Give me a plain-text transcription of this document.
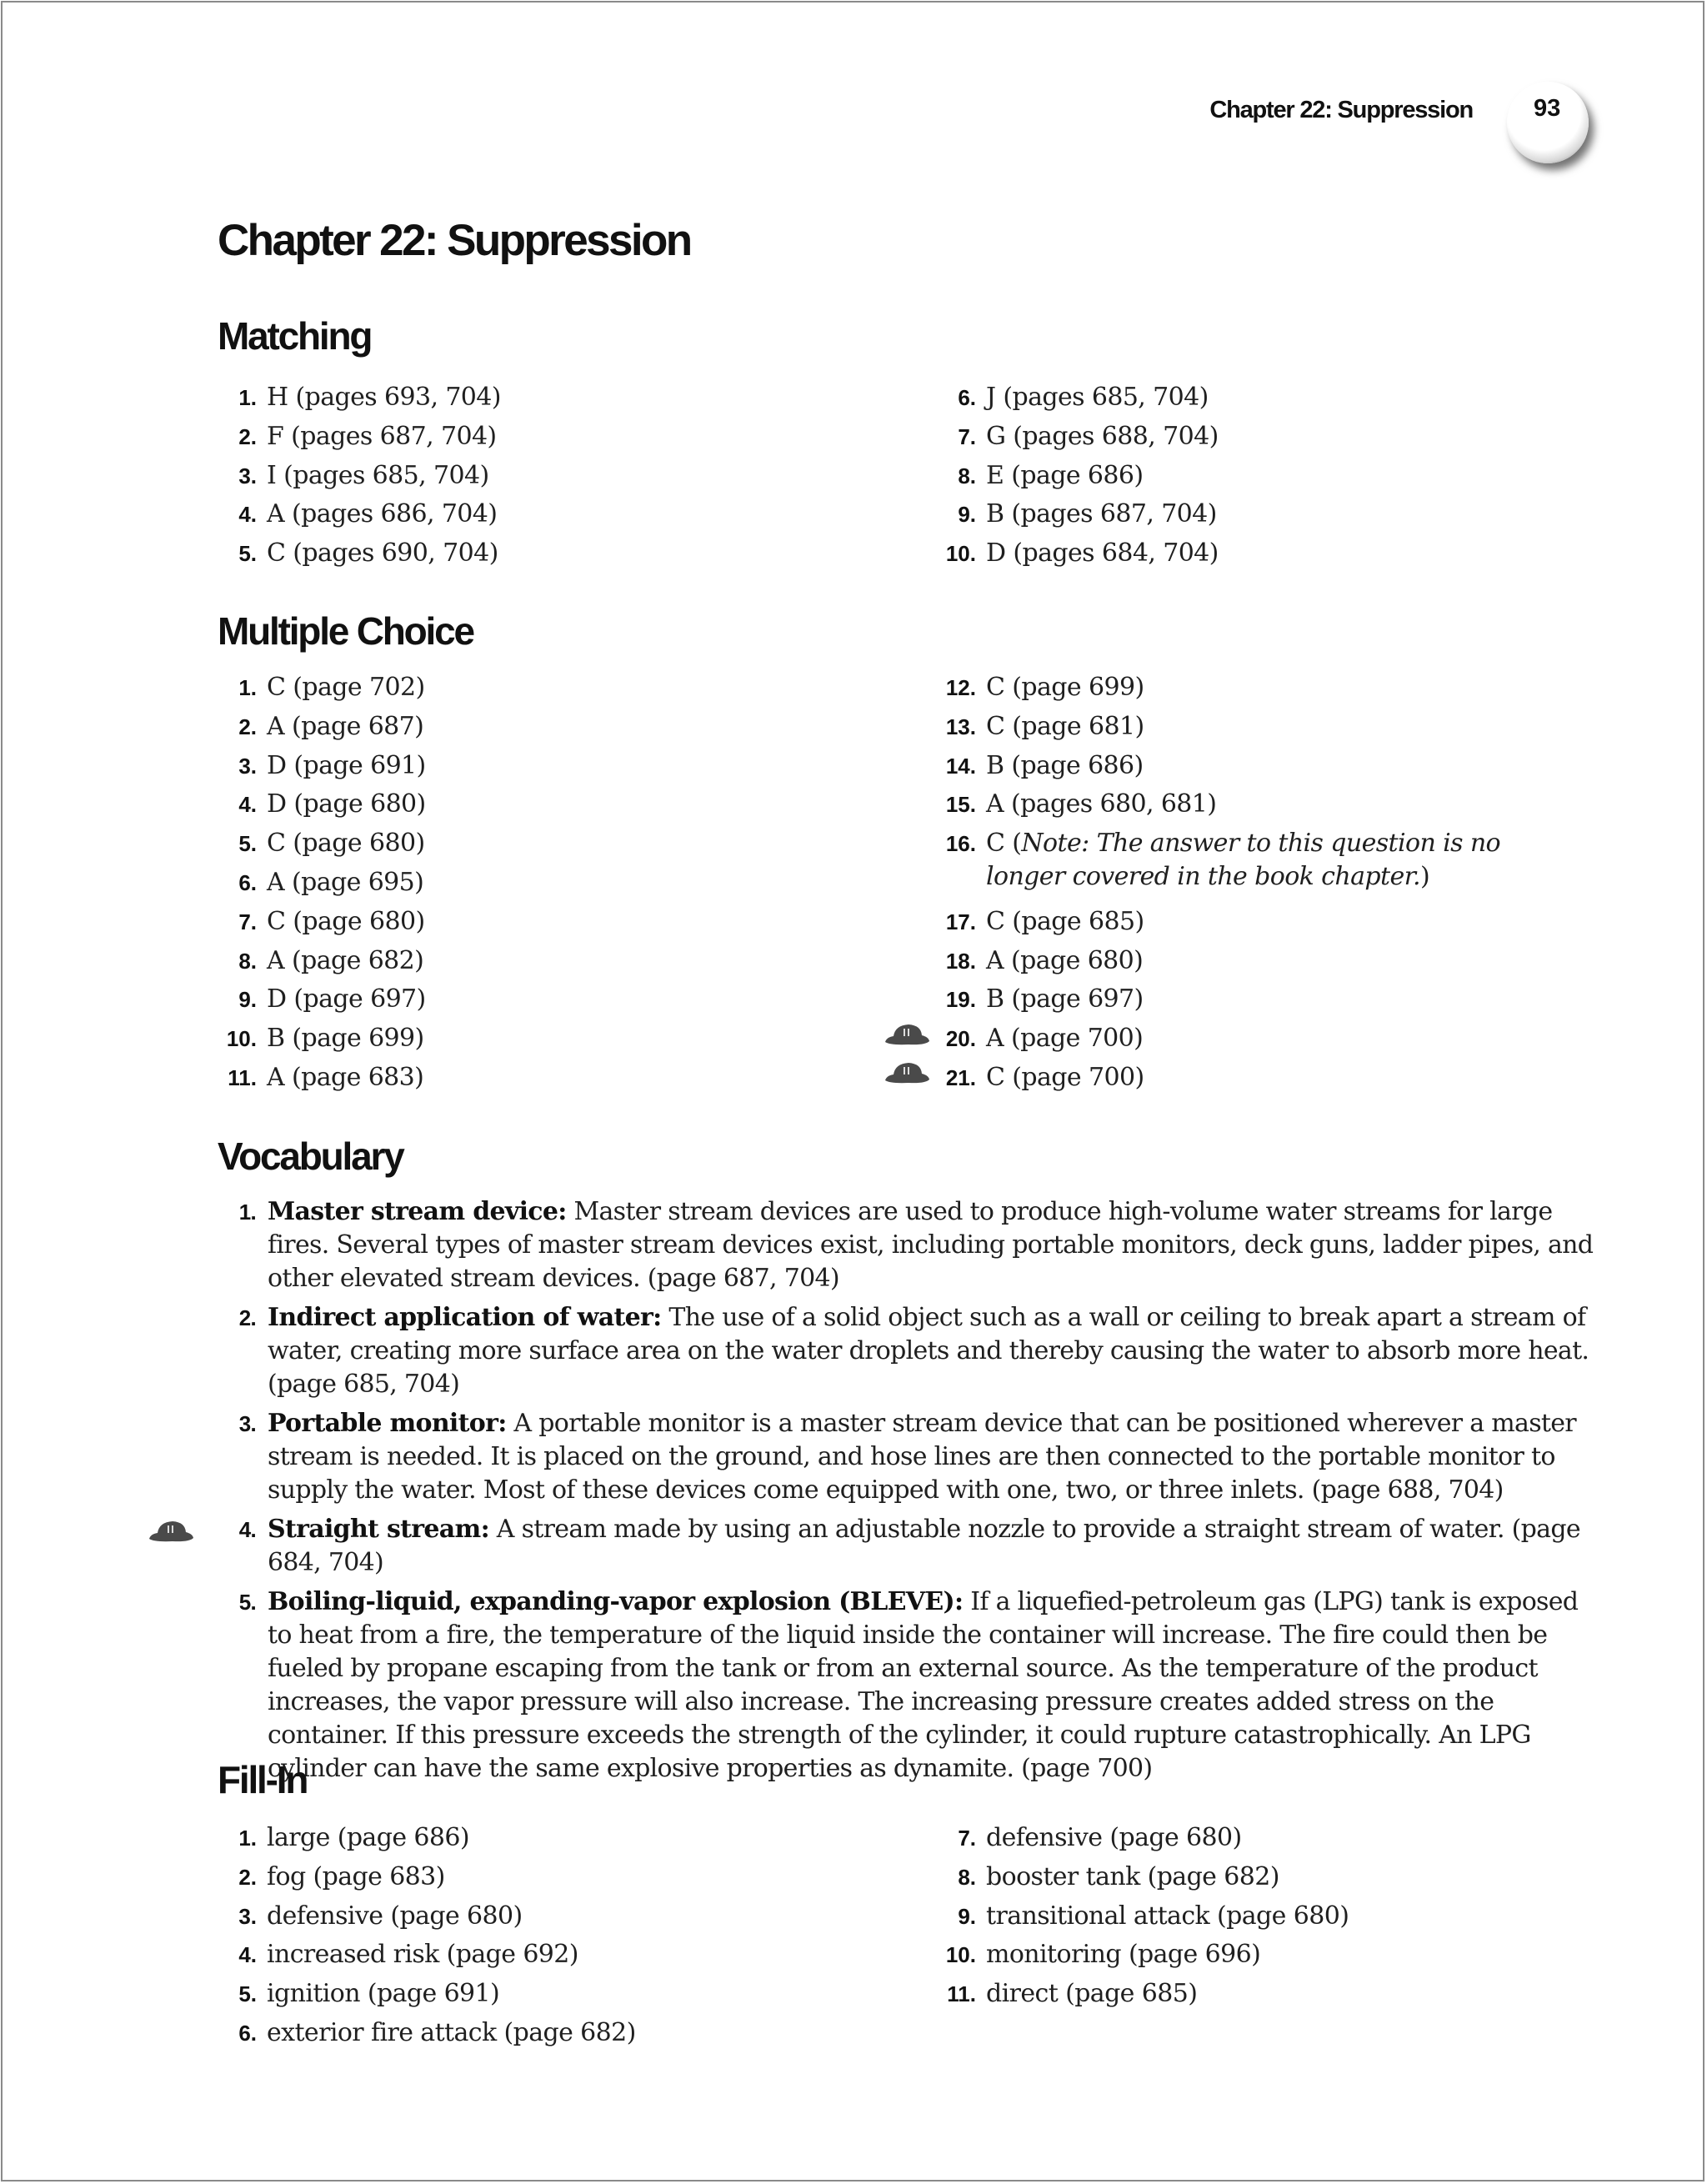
Chapter 22: Suppression	93
Chapter 22: Suppression
Matching
1. H (pages 693, 704)
2. F (pages 687, 704)
3. I (pages 685, 704)
4. A (pages 686, 704)
5. C (pages 690, 704)
6. J (pages 685, 704)
7. G (pages 688, 704)
8. E (page 686)
9. B (pages 687, 704)
10. D (pages 684, 704)
Multiple Choice
1. C (page 702)
2. A (page 687)
3. D (page 691)
4. D (page 680)
5. C (page 680)
6. A (page 695)
7. C (page 680)
8. A (page 682)
9. D (page 697)
10. B (page 699)
11. A (page 683)
12. C (page 699)
13. C (page 681)
14. B (page 686)
15. A (pages 680, 681)
16. C (Note: The answer to this question is no longer covered in the book chapter.)
17. C (page 685)
18. A (page 680)
19. B (page 697)
20. A (page 700)
21. C (page 700)
Vocabulary
1. Master stream device: Master stream devices are used to produce high-volume water streams for large fires. Several types of master stream devices exist, including portable monitors, deck guns, ladder pipes, and other elevated stream devices. (page 687, 704)
2. Indirect application of water: The use of a solid object such as a wall or ceiling to break apart a stream of water, creating more surface area on the water droplets and thereby causing the water to absorb more heat. (page 685, 704)
3. Portable monitor: A portable monitor is a master stream device that can be positioned wherever a master stream is needed. It is placed on the ground, and hose lines are then connected to the portable monitor to supply the water. Most of these devices come equipped with one, two, or three inlets. (page 688, 704)
4. Straight stream: A stream made by using an adjustable nozzle to provide a straight stream of water. (page 684, 704)
5. Boiling-liquid, expanding-vapor explosion (BLEVE): If a liquefied-petroleum gas (LPG) tank is exposed to heat from a fire, the temperature of the liquid inside the container will increase. The fire could then be fueled by propane escaping from the tank or from an external source. As the temperature of the product increases, the vapor pressure will also increase. The increasing pressure creates added stress on the container. If this pressure exceeds the strength of the cylinder, it could rupture catastrophically. An LPG cylinder can have the same explosive properties as dynamite. (page 700)
Fill-In
1. large (page 686)
2. fog (page 683)
3. defensive (page 680)
4. increased risk (page 692)
5. ignition (page 691)
6. exterior fire attack (page 682)
7. defensive (page 680)
8. booster tank (page 682)
9. transitional attack (page 680)
10. monitoring (page 696)
11. direct (page 685)
